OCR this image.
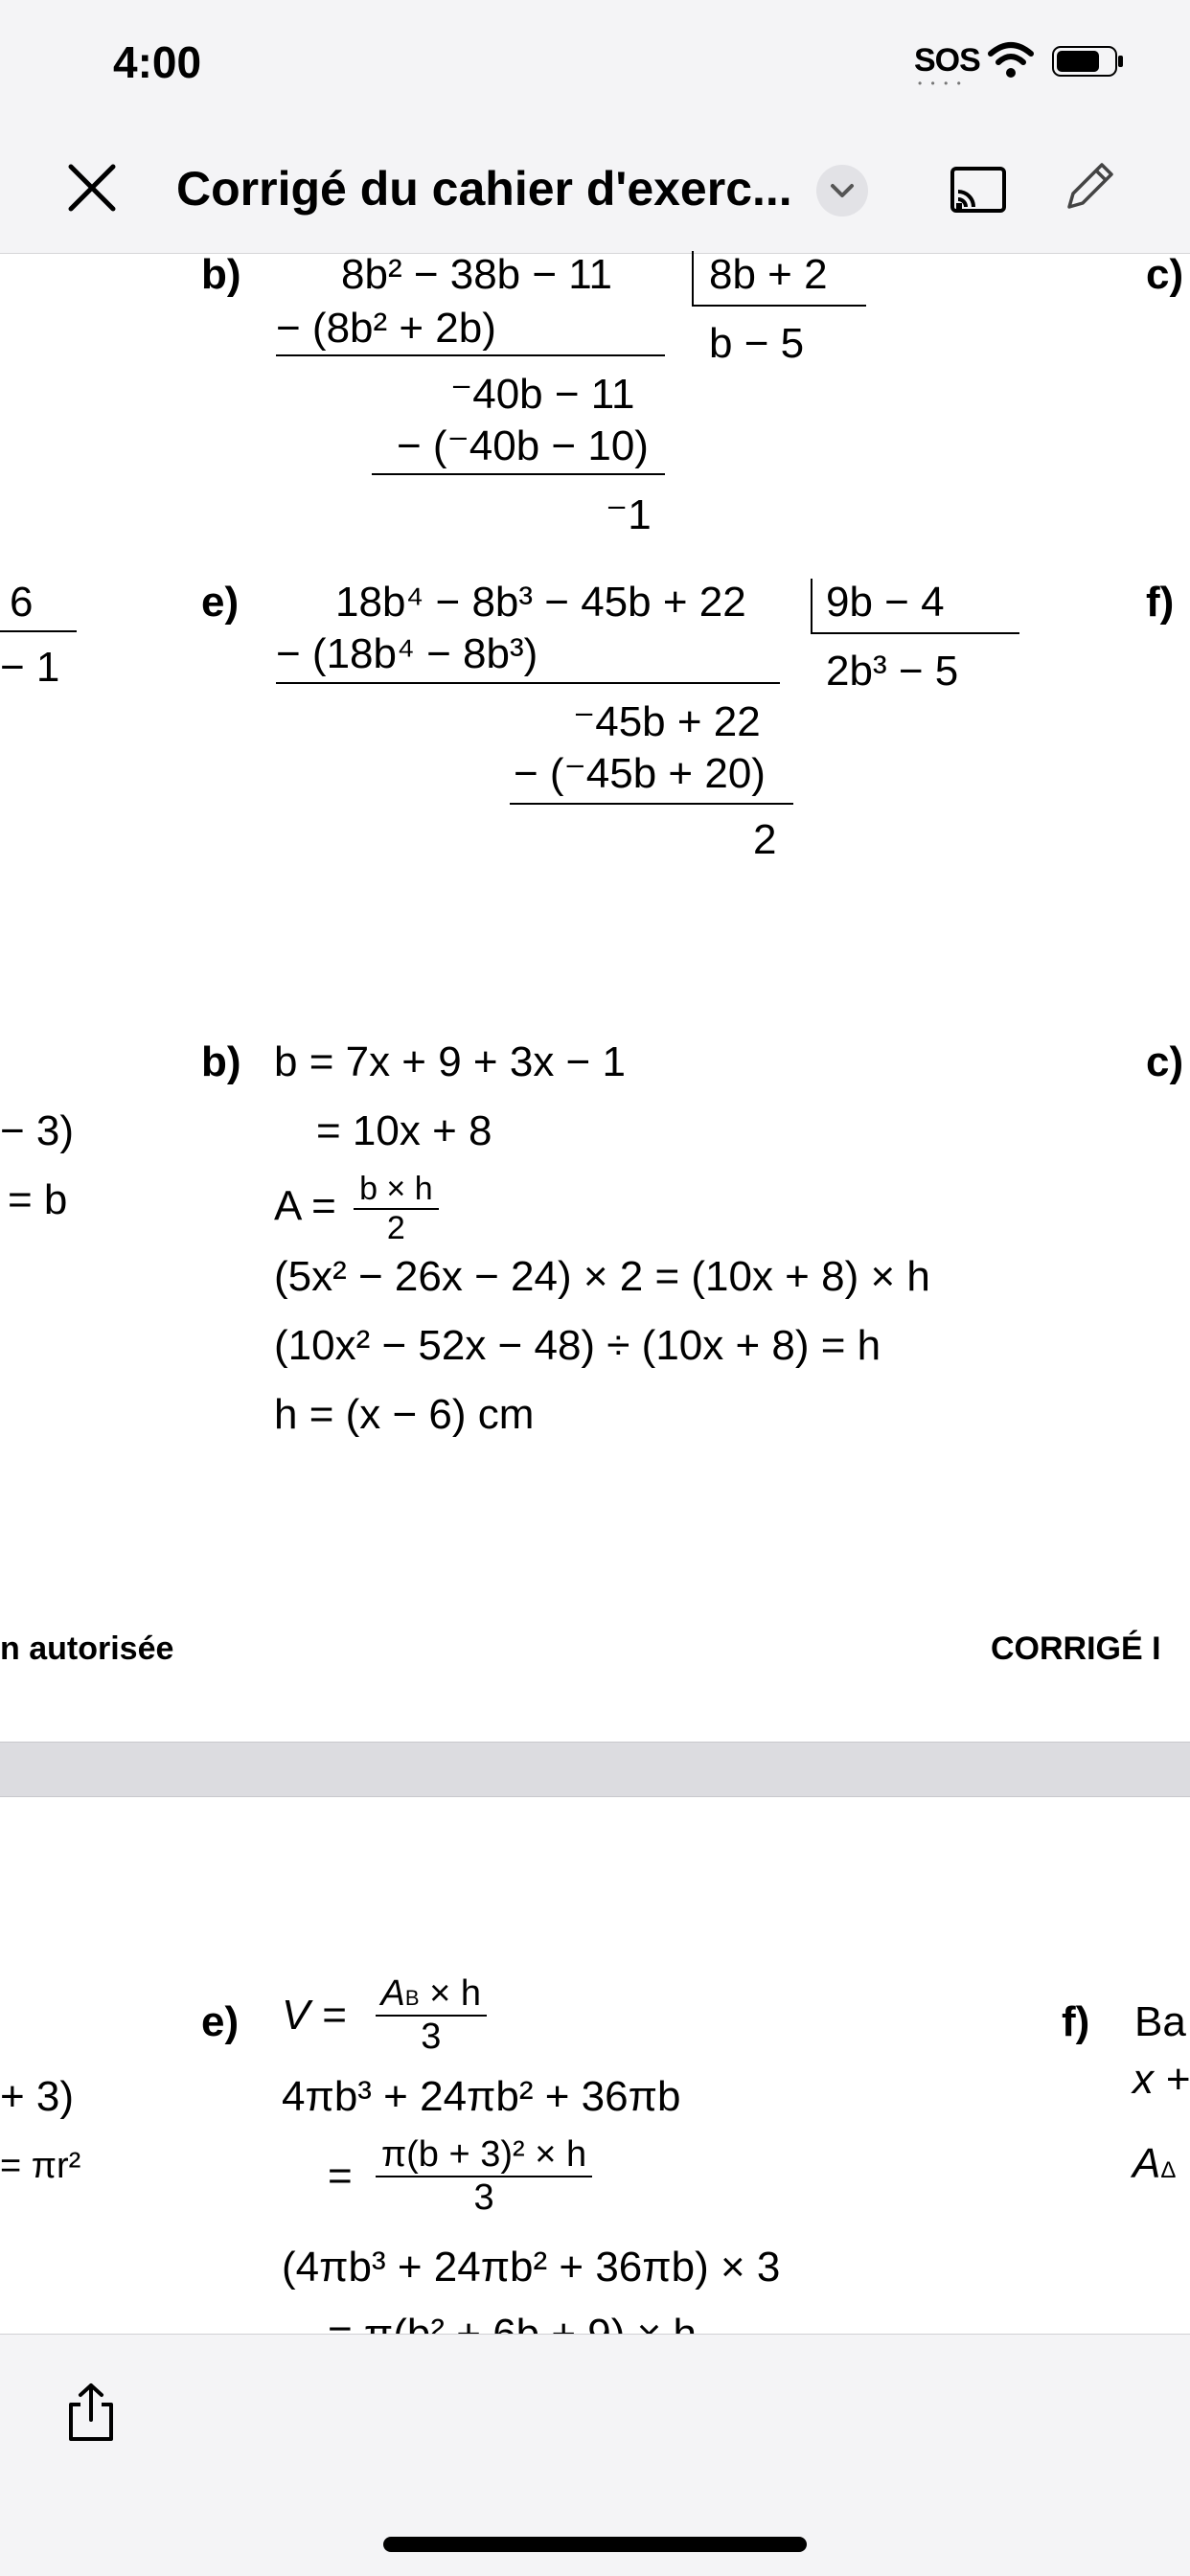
4:00	SOS
• • • •
Corrigé du cahier d'exerc...
b)	c)
8b² − 38b − 11 8b + 2
− (8b² + 2b)	b − 5
⁻40b − 11
− (⁻40b − 10)
⁻1
6
− 1
e)	f)
18b⁴ − 8b³ − 45b + 22 9b − 4
− (18b⁴ − 8b³)	2b³ − 5
⁻45b + 22
− (⁻45b + 20)
2
b)	c)
b = 7x + 9 + 3x − 1
= 10x + 8
$A = \frac{b \times h}{2}$
(5x² − 26x − 24) × 2 = (10x + 8) × h
(10x² − 52x − 48) ÷ (10x + 8) = h
h = (x − 6) cm
− 3)
= b
n autorisée	CORRIGÉ I
e)	f) Ba
x +
AΔ
$V = \frac{AB \times h}{3}$
4πb³ + 24πb² + 36πb
= $\frac{\text{π(b + 3)² × h}}{3}$
(4πb³ + 24πb² + 36πb) × 3
+ 3)
= πr²
